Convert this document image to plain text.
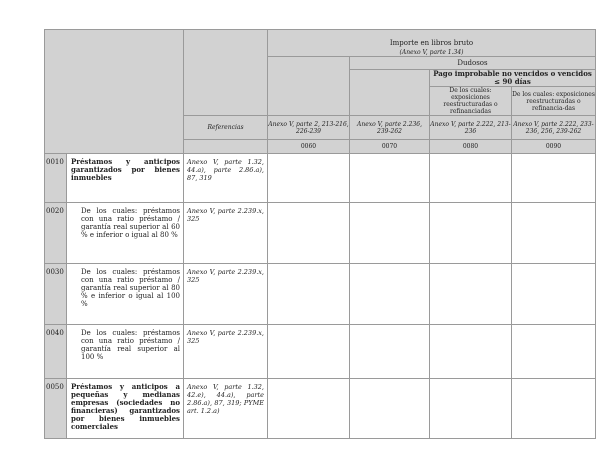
			Importe en libros bruto

(Anexo V, parte 1.34)			

				Dudosos		
					Pago improbable no vencidos o vencidos ≤ 90 días	
					De los cuales: exposiciones reestructuradas o refinanciadas	De los cuales: exposiciones reestructuradas o refinancia-das
		Referencias	Anexo V, parte 2, 213-216, 226-239	Anexo V, parte 2.236, 239-262	Anexo V, parte 2.222, 213-236	Anexo V, parte 2.222, 233-236, 256, 239-262
			0060	0070	0080	0090
0010	Préstamos y anticipos garantizados por bienes inmuebles	Anexo V, parte 1.32, 44.a), parte 2.86.a), 87, 319				
0020	De los cuales: préstamos con una ratio préstamo / garantía real superior al 60 % e inferior o igual al 80 %	Anexo V, parte 2.239.x, 325				
0030	De los cuales: préstamos con una ratio préstamo / garantía real superior al 80 % e inferior o igual al 100 %	Anexo V, parte 2.239.x, 325				
0040	De los cuales: préstamos con una ratio préstamo / garantía real superior al 100 %	Anexo V, parte 2.239.x, 325				
0050	Préstamos y anticipos a pequeñas y medianas empresas (sociedades no financieras) garantizados por bienes inmuebles comerciales	Anexo V, parte 1.32, 42.e), 44.a), parte 2.86.a), 87, 319; PYME art. 1.2.a)				
